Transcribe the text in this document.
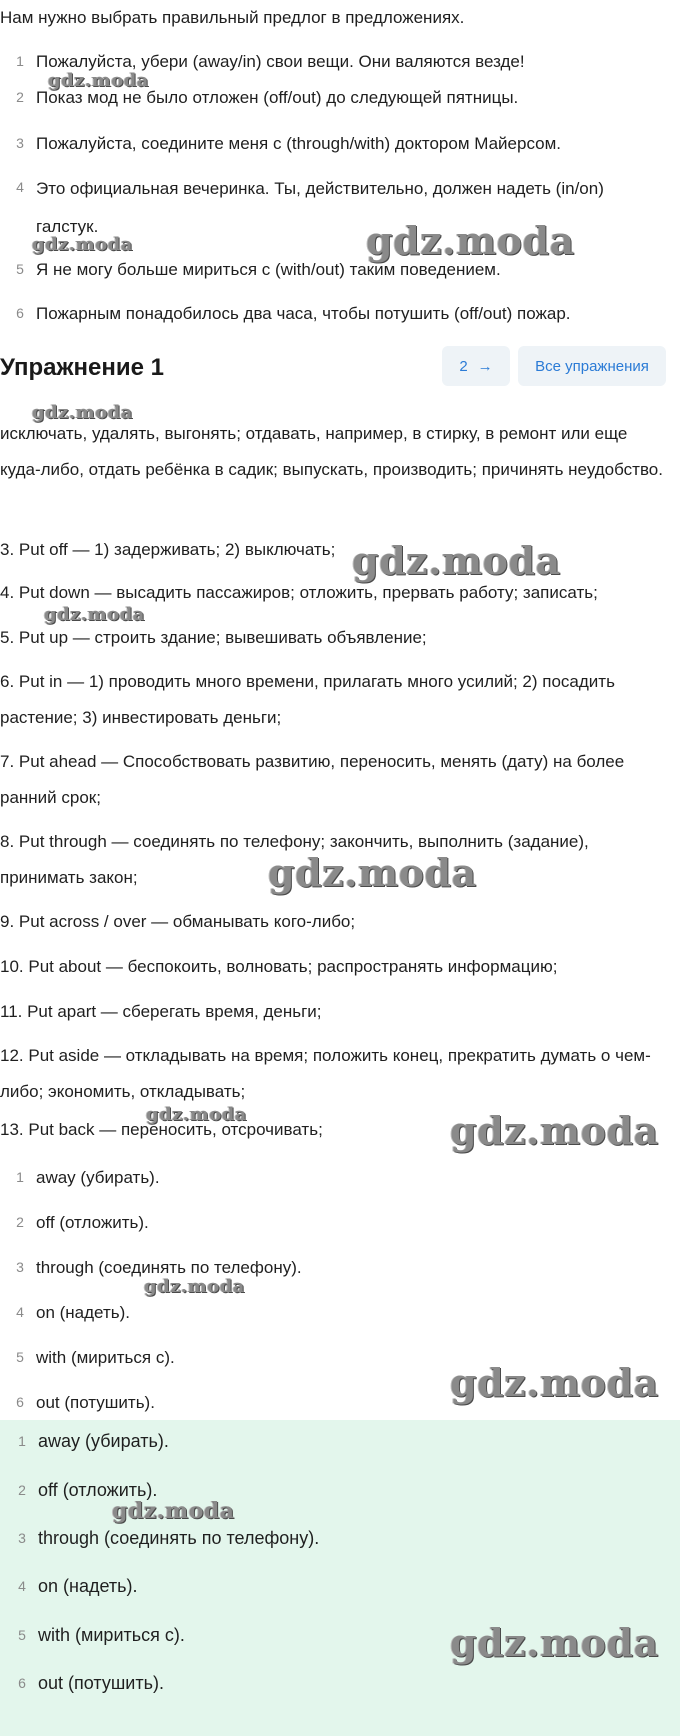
Нам нужно выбрать правильный предлог в предложениях.
1 Пожалуйста, убери (away/in) свои вещи. Они валяются везде!
2 Показ мод не было отложен (off/out) до следующей пятницы.
3 Пожалуйста, соедините меня с (through/with) доктором Майерсом.
4 Это официальная вечеринка. Ты, действительно, должен надеть (in/on) галстук.
5 Я не могу больше мириться с (with/out) таким поведением.
6 Пожарным понадобилось два часа, чтобы потушить (off/out) пожар.
Упражнение 1	2 →	Все упражнения
исключать, удалять, выгонять; отдавать, например, в стирку, в ремонт или еще куда-либо, отдать ребёнка в садик; выпускать, производить; причинять неудобство.
3. Put off — 1) задерживать; 2) выключать;
4. Put down — высадить пассажиров; отложить, прервать работу; записать;
5. Put up — строить здание; вывешивать объявление;
6. Put in — 1) проводить много времени, прилагать много усилий; 2) посадить растение; 3) инвестировать деньги;
7. Put ahead — Способствовать развитию, переносить, менять (дату) на более ранний срок;
8. Put through — соединять по телефону; закончить, выполнить (задание), принимать закон;
9. Put across / over — обманывать кого-либо;
10. Put about — беспокоить, волновать; распространять информацию;
11. Put apart — сберегать время, деньги;
12. Put aside — откладывать на время; положить конец, прекратить думать о чем-либо; экономить, откладывать;
13. Put back — переносить, отсрочивать;
1 away (убирать).
2 off (отложить).
3 through (соединять по телефону).
4 on (надеть).
5 with (мириться с).
6 out (потушить).
1 away (убирать).
2 off (отложить).
3 through (соединять по телефону).
4 on (надеть).
5 with (мириться с).
6 out (потушить).
gdz.moda
gdz.moda	gdz.moda
gdz.moda
gdz.moda
gdz.moda
gdz.moda
gdz.moda	gdz.moda
gdz.moda
gdz.moda
gdz.moda
gdz.moda
